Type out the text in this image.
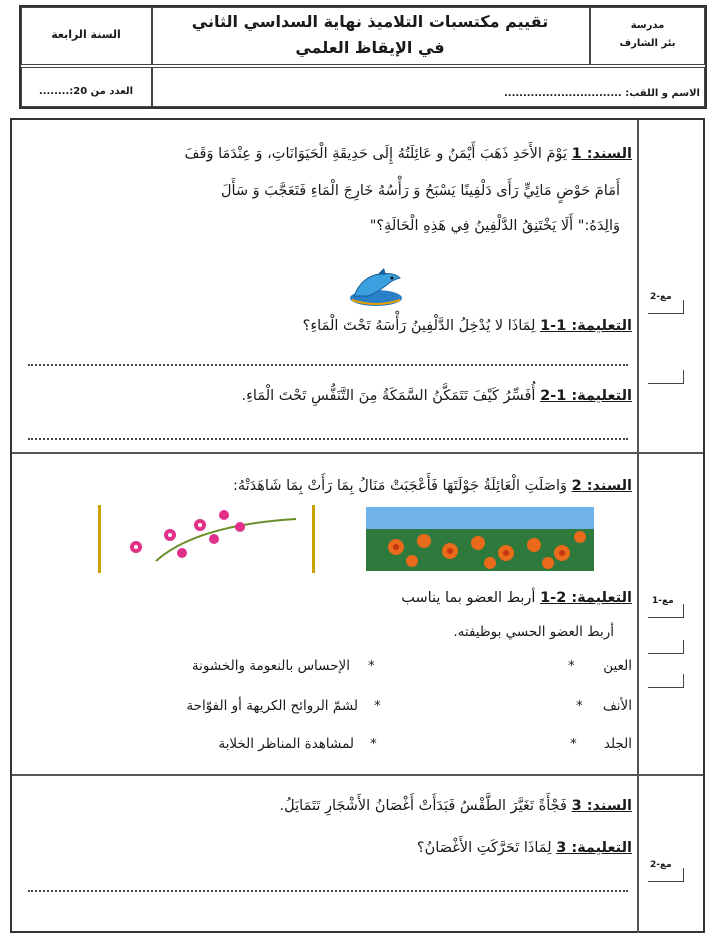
مدرسة
بئر الشارف
تقييم مكتسبات التلاميذ نهاية السداسي الثاني
في الإيقاظ العلمي
السنة الرابعة
الاسم و اللقب: ...............................
العدد من 20:........
السند: 1 يَوْمَ الأَحَدِ ذَهَبَ أَيْمَنُ و عَائِلَتُهُ إِلَى حَدِيقَةِ الْحَيَوَانَاتِ، وَ عِنْدَمَا وَقَفَ
أَمَامَ حَوْضٍ مَائِيٍّ رَأَى دَلْفِينًا يَسْبَحُ وَ رَأْسُهُ خَارِجَ الْمَاءِ فَتَعَجَّبَ وَ سَأَلَ
وَالِدَهُ:" أَلَا يَخْتَنِقُ الدَّلْفِينُ فِي هَذِهِ الْحَالَةِ؟"
التعليمة: 1-1 لِمَاذَا لا يُدْخِلُ الدَّلْفِينُ رَأْسَهُ تَحْتَ الْمَاءِ؟
التعليمة: 1-2 أُفَسِّرُ كَيْفَ تَتَمَكَّنُ السَّمَكَةُ مِنَ التَّنَفُّسِ تَحْتَ الْمَاءِ.
مع-2
السند: 2 وَاصَلَتِ الْعَائِلَةُ جَوْلَتَهَا فَأَعْجَبَتْ مَنَالُ بِمَا رَأَتْ بِمَا شَاهَدَتْهُ:
التعليمة: 2-1 أربط العضو بما يناسب
أربط العضو الحسي بوظيفته.
العين
*
الأنف
*
الجلد
*
*
الإحساس بالنعومة والخشونة
*
لشمّ الروائح الكريهة أو الفوّاحة
*
لمشاهدة المناظر الخلابة
مع-1
السند: 3 فَجْأَةً تَغَيَّرَ الطَّقْسُ فَبَدَأَتْ أَغْصَانُ الأَشْجَارِ تَتَمَايَلُ.
التعليمة: 3 لِمَاذَا تَحَرَّكَتِ الأَغْصَانُ؟
مع-2
